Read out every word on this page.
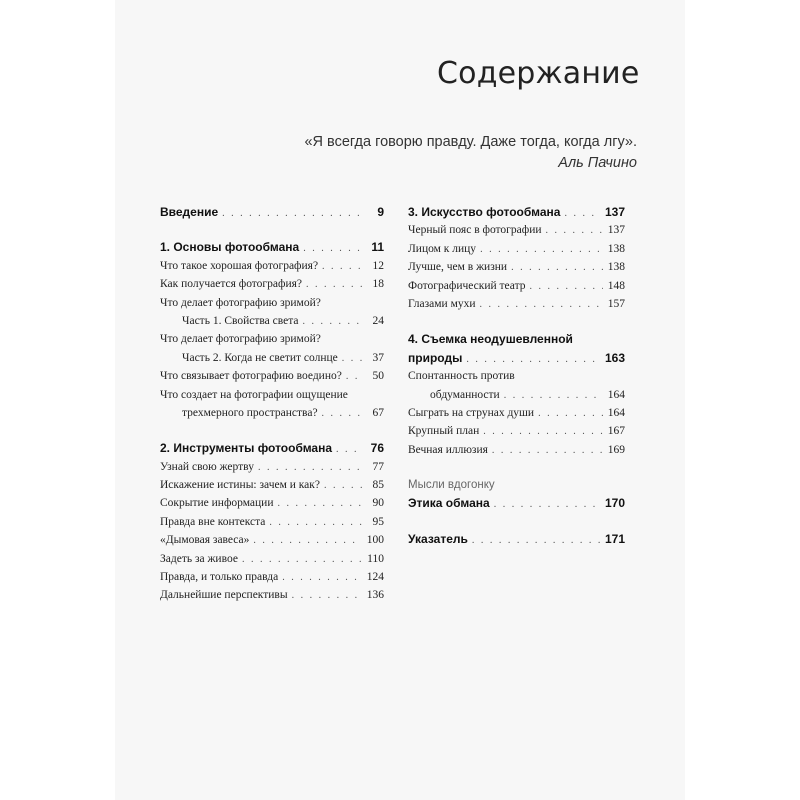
Содержание
«Я всегда говорю правду. Даже тогда, когда лгу».
Аль Пачино
Введение . . .	9
1. Основы фотообмана . . .	11
Что такое хорошая фотография? . . .	12
Как получается фотография? . . .	18
Что делает фотографию зримой?
Часть 1. Свойства света . . .	24
Что делает фотографию зримой?
Часть 2. Когда не светит солнце . . .	37
Что связывает фотографию воедино? . . .	50
Что создает на фотографии ощущение
трехмерного пространства? . . .	67
2. Инструменты фотообмана . . .	76
Узнай свою жертву . . .	77
Искажение истины: зачем и как? . . .	85
Сокрытие информации . . .	90
Правда вне контекста . . .	95
«Дымовая завеса» . . .	100
Задеть за живое . . .	110
Правда, и только правда . . .	124
Дальнейшие перспективы . . .	136
3. Искусство фотообмана . . .	137
Черный пояс в фотографии . . .	137
Лицом к лицу . . .	138
Лучше, чем в жизни . . .	138
Фотографический театр . . .	148
Глазами мухи . . .	157
4. Съемка неодушевленной
природы . . .	163
Спонтанность против
обдуманности . . .	164
Сыграть на струнах души . . .	164
Крупный план . . .	167
Вечная иллюзия . . .	169
Мысли вдогонку
Этика обмана . . .	170
Указатель . . .	171
